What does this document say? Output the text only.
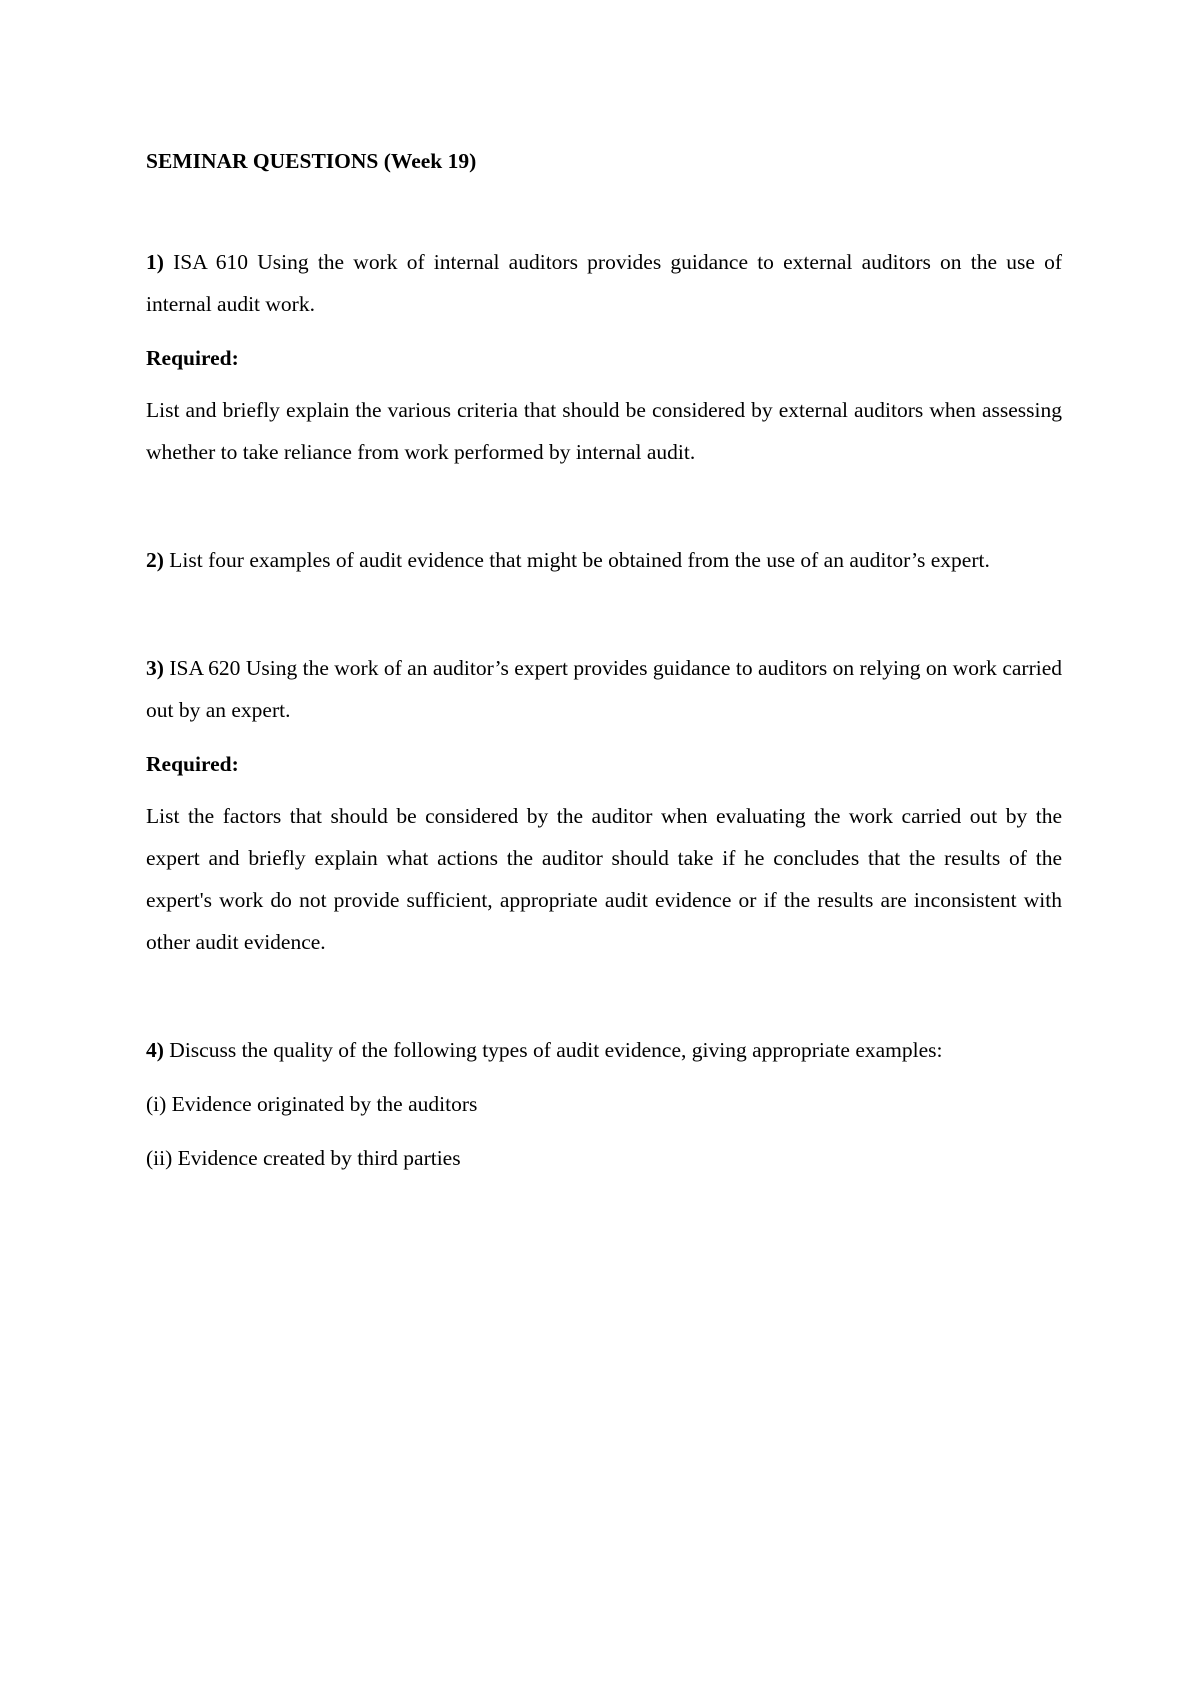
SEMINAR QUESTIONS (Week 19)

1) ISA 610 Using the work of internal auditors provides guidance to external auditors on the use of internal audit work.

Required:

List and briefly explain the various criteria that should be considered by external auditors when assessing whether to take reliance from work performed by internal audit.

2) List four examples of audit evidence that might be obtained from the use of an auditor’s expert.

3) ISA 620 Using the work of an auditor’s expert provides guidance to auditors on relying on work carried out by an expert.

Required:

List the factors that should be considered by the auditor when evaluating the work carried out by the expert and briefly explain what actions the auditor should take if he concludes that the results of the expert's work do not provide sufficient, appropriate audit evidence or if the results are inconsistent with other audit evidence.

4) Discuss the quality of the following types of audit evidence, giving appropriate examples:

(i) Evidence originated by the auditors

(ii) Evidence created by third parties
